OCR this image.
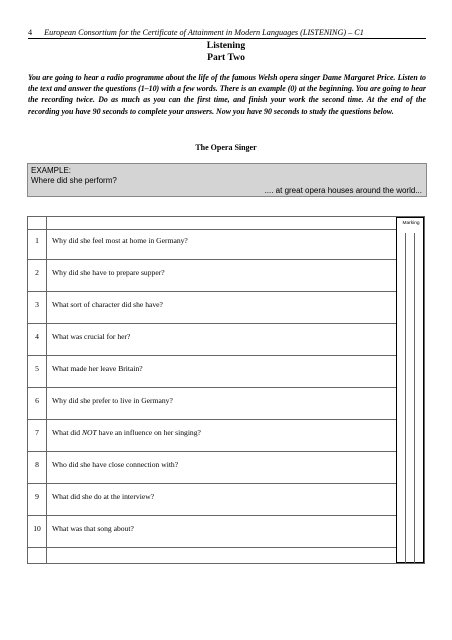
4 European Consortium for the Certificate of Attainment in Modern Languages (LISTENING) – C1
Listening
Part Two
You are going to hear a radio programme about the life of the famous Welsh opera singer Dame Margaret Price. Listen to the text and answer the questions (1–10) with a few words. There is an example (0) at the beginning. You are going to hear the recording twice. Do as much as you can the first time, and finish your work the second time. At the end of the recording you have 90 seconds to complete your answers. Now you have 90 seconds to study the questions below.
The Opera Singer
EXAMPLE:
Where did she perform?
.... at great opera houses around the world...
Marking
1	Why did she feel most at home in Germany?
2	Why did she have to prepare supper?
3	What sort of character did she have?
4	What was crucial for her?
5	What made her leave Britain?
6	Why did she prefer to live in Germany?
7	What did NOT have an influence on her singing?
8	Who did she have close connection with?
9	What did she do at the interview?
10	What was that song about?
